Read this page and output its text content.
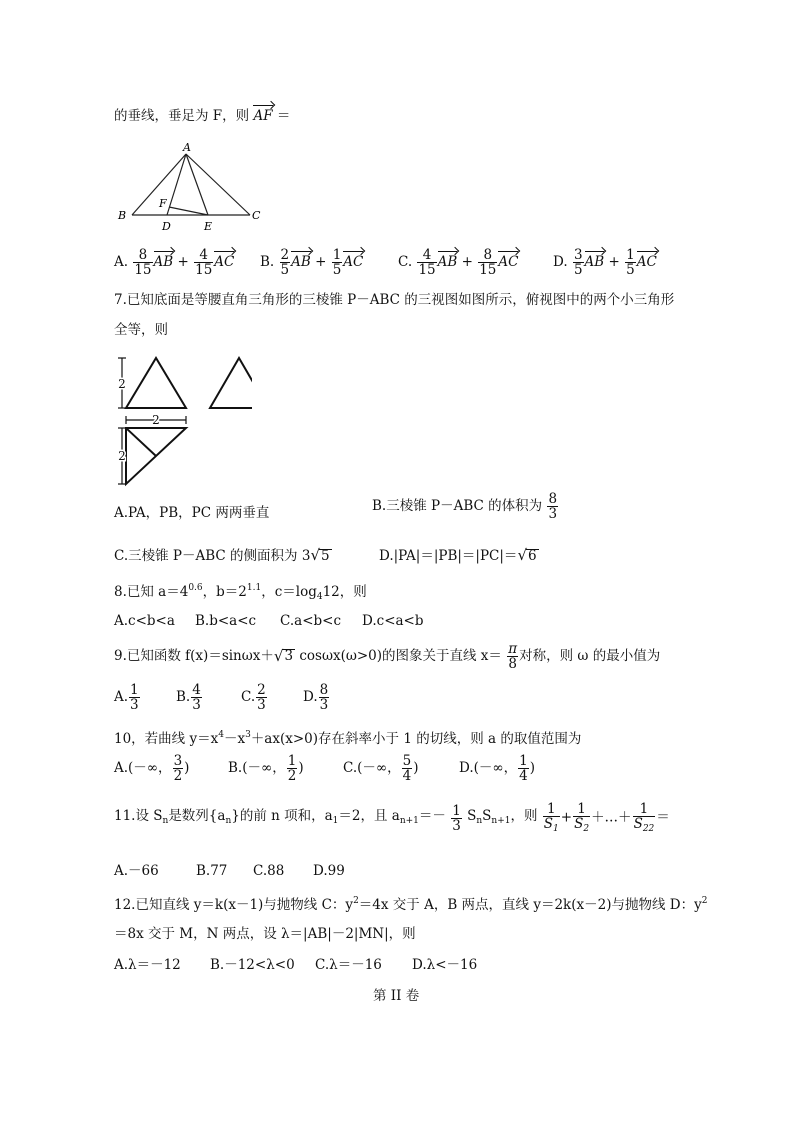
的垂线，垂足为 F，则 AF ＝
A
B	C
D	E
F
A. $\frac{8}{15}$ AB + $\frac{4}{15}$ AC B. $\frac{2}{5}$ AB + $\frac{1}{5}$ AC	C. $\frac{4}{15}$ AB + $\frac{8}{15}$ AC	D. $\frac{3}{5}$ AB + $\frac{1}{5}$ AC
7.已知底面是等腰直角三角形的三棱锥 P－ABC 的三视图如图所示，俯视图中的两个小三角形
全等，则
2
2
2
A.PA，PB，PC 两两垂直	B.三棱锥 P－ABC 的体积为 $\frac{8}{3}$
C.三棱锥 P－ABC 的侧面积为 3√5	D.|PA|＝|PB|＝|PC|＝√6
8.已知 $a=4^{0.6}$，$b=2^{1.1}$，$c=\log_412$，则
A.c<b<a B.b<a<c C.a<b<c D.c<a<b
9.已知函数 f(x)＝sinωx＋√3 cosωx(ω>0)的图象关于直线 $x= \frac{\pi}{8}$ 对称，则 ω 的最小值为
A. $\frac{1}{3}$	B. $\frac{4}{3}$	C. $\frac{2}{3}$	D. $\frac{8}{3}$
10，若曲线 $y=x^4-x^3+ax(x>0)$存在斜率小于 1 的切线，则 a 的取值范围为
A.(－∞， $\frac{3}{2}$ )	B.(－∞， $\frac{1}{2}$ )	C.(－∞， $\frac{5}{4}$ )	D.(－∞， $\frac{1}{4}$ )
11.设 $S_n$是数列$\{a_n\}$的前 n 项和，$a_1=2$，且 $a_{n+1}=- \frac{1}{3} S_nS_{n+1}$，则 $\frac{1}{S_1} + \frac{1}{S_2}$ ＋…＋ $\frac{1}{S_{22}}$ ＝
A.－66	B.77 C.88 D.99
12.已知直线 y＝k(x－1)与抛物线 C：$y^2=4x$ 交于 A，B 两点，直线 y＝2k(x－2)与抛物线 D：$y^2$
＝8x 交于 M，N 两点，设 λ＝|AB|－2|MN|，则
A.λ＝－12 B.－12<λ<0 C.λ＝－16 D.λ<－16
第 II 卷
